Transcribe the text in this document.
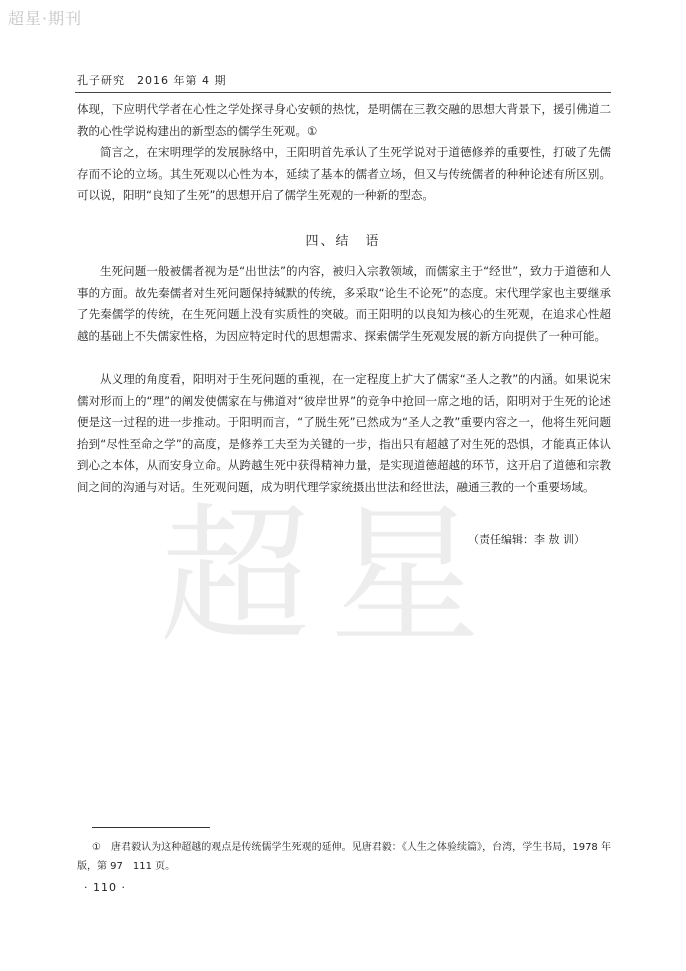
超星·期刊
超星
孔子研究　2016 年第 4 期

体现，下应明代学者在心性之学处探寻身心安顿的热忱，是明儒在三教交融的思想大背景下，援引佛道二教的心性学说构建出的新型态的儒学生死观。①

简言之，在宋明理学的发展脉络中，王阳明首先承认了生死学说对于道德修养的重要性，打破了先儒存而不论的立场。其生死观以心性为本，延续了基本的儒者立场，但又与传统儒者的种种论述有所区别。可以说，阳明“良知了生死”的思想开启了儒学生死观的一种新的型态。

四、结　语

生死问题一般被儒者视为是“出世法”的内容，被归入宗教领域，而儒家主于“经世”，致力于道德和人事的方面。故先秦儒者对生死问题保持缄默的传统，多采取“论生不论死”的态度。宋代理学家也主要继承了先秦儒学的传统，在生死问题上没有实质性的突破。而王阳明的以良知为核心的生死观，在追求心性超越的基础上不失儒家性格，为因应特定时代的思想需求、探索儒学生死观发展的新方向提供了一种可能。

从义理的角度看，阳明对于生死问题的重视，在一定程度上扩大了儒家“圣人之教”的内涵。如果说宋儒对形而上的“理”的阐发使儒家在与佛道对“彼岸世界”的竞争中抢回一席之地的话，阳明对于生死的论述便是这一过程的进一步推动。于阳明而言，“了脱生死”已然成为“圣人之教”重要内容之一，他将生死问题抬到“尽性至命之学”的高度，是修养工夫至为关键的一步，指出只有超越了对生死的恐惧，才能真正体认到心之本体，从而安身立命。从跨越生死中获得精神力量，是实现道德超越的环节，这开启了道德和宗教间之间的沟通与对话。生死观问题，成为明代理学家统摄出世法和经世法，融通三教的一个重要场域。

（责任编辑：李 敖 训）

①　唐君毅认为这种超越的观点是传统儒学生死观的延伸。见唐君毅：《人生之体验续篇》，台湾，学生书局，1978 年版，第 97　111 页。

· 110 ·
